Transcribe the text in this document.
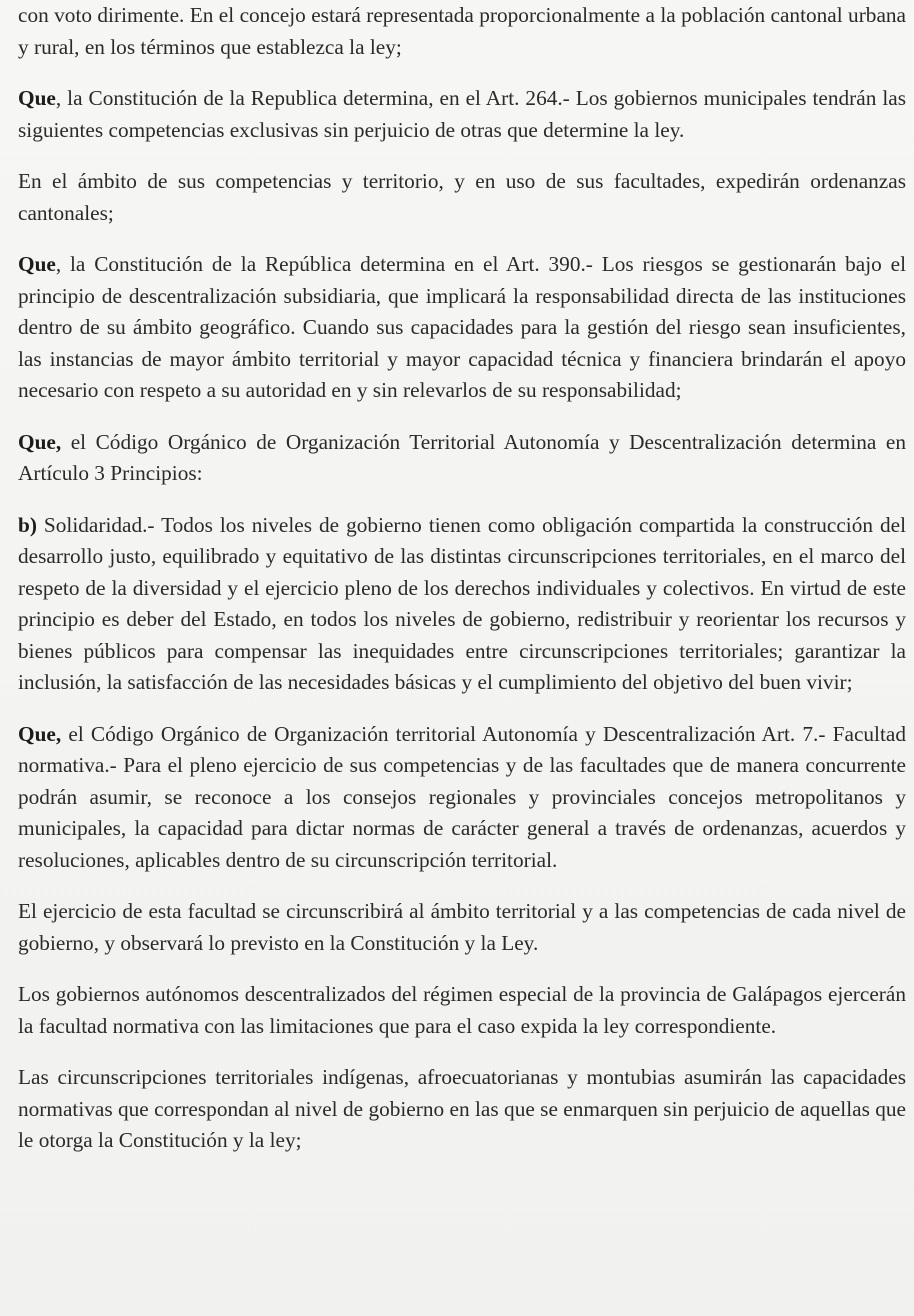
con voto dirimente. En el concejo estará representada proporcionalmente a la población cantonal urbana y rural, en los términos que establezca la ley;

Que, la Constitución de la Republica determina, en el Art. 264.- Los gobiernos municipales tendrán las siguientes competencias exclusivas sin perjuicio de otras que determine la ley.

En el ámbito de sus competencias y territorio, y en uso de sus facultades, expedirán ordenanzas cantonales;

Que, la Constitución de la República determina en el Art. 390.- Los riesgos se gestionarán bajo el principio de descentralización subsidiaria, que implicará la responsabilidad directa de las instituciones dentro de su ámbito geográfico. Cuando sus capacidades para la gestión del riesgo sean insuficientes, las instancias de mayor ámbito territorial y mayor capacidad técnica y financiera brindarán el apoyo necesario con respeto a su autoridad en y sin relevarlos de su responsabilidad;

Que, el Código Orgánico de Organización Territorial Autonomía y Descentralización determina en Artículo 3 Principios:

b) Solidaridad.- Todos los niveles de gobierno tienen como obligación compartida la construcción del desarrollo justo, equilibrado y equitativo de las distintas circunscripciones territoriales, en el marco del respeto de la diversidad y el ejercicio pleno de los derechos individuales y colectivos. En virtud de este principio es deber del Estado, en todos los niveles de gobierno, redistribuir y reorientar los recursos y bienes públicos para compensar las inequidades entre circunscripciones territoriales; garantizar la inclusión, la satisfacción de las necesidades básicas y el cumplimiento del objetivo del buen vivir;

Que, el Código Orgánico de Organización territorial Autonomía y Descentralización Art. 7.- Facultad normativa.- Para el pleno ejercicio de sus competencias y de las facultades que de manera concurrente podrán asumir, se reconoce a los consejos regionales y provinciales concejos metropolitanos y municipales, la capacidad para dictar normas de carácter general a través de ordenanzas, acuerdos y resoluciones, aplicables dentro de su circunscripción territorial.

El ejercicio de esta facultad se circunscribirá al ámbito territorial y a las competencias de cada nivel de gobierno, y observará lo previsto en la Constitución y la Ley.

Los gobiernos autónomos descentralizados del régimen especial de la provincia de Galápagos ejercerán la facultad normativa con las limitaciones que para el caso expida la ley correspondiente.

Las circunscripciones territoriales indígenas, afroecuatorianas y montubias asumirán las capacidades normativas que correspondan al nivel de gobierno en las que se enmarquen sin perjuicio de aquellas que le otorga la Constitución y la ley;
